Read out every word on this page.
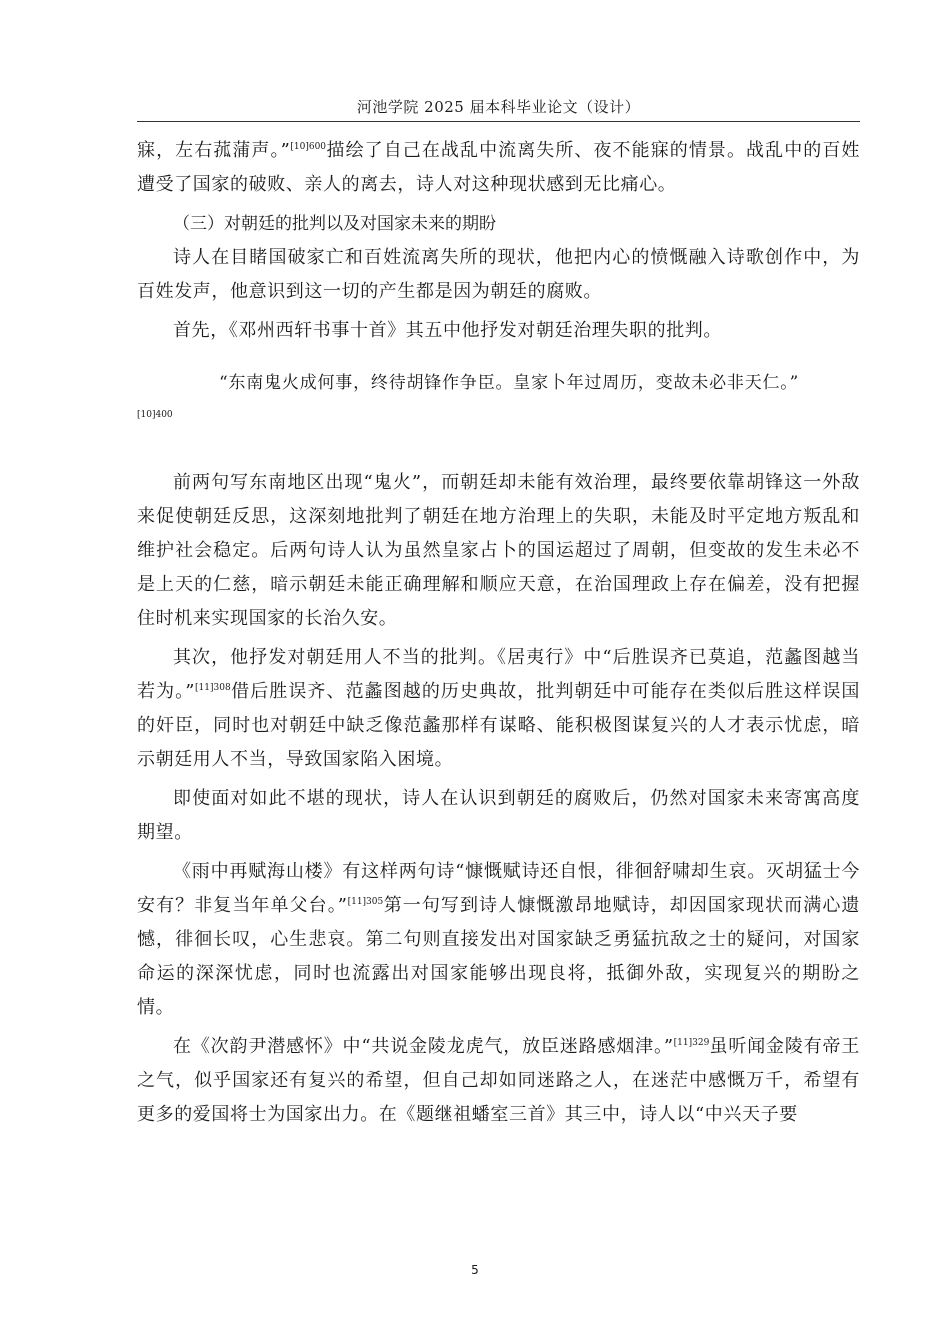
河池学院 2025 届本科毕业论文（设计）

寐，左右菰蒲声。”$^{[10]600}$描绘了自己在战乱中流离失所、夜不能寐的情景。战乱中的百姓遭受了国家的破败、亲人的离去，诗人对这种现状感到无比痛心。

（三）对朝廷的批判以及对国家未来的期盼

诗人在目睹国破家亡和百姓流离失所的现状，他把内心的愤慨融入诗歌创作中，为百姓发声，他意识到这一切的产生都是因为朝廷的腐败。

首先，《邓州西轩书事十首》其五中他抒发对朝廷治理失职的批判。

“东南鬼火成何事，终待胡锋作争臣。皇家卜年过周历，变故未必非天仁。”
[10]400

前两句写东南地区出现“鬼火”，而朝廷却未能有效治理，最终要依靠胡锋这一外敌来促使朝廷反思，这深刻地批判了朝廷在地方治理上的失职，未能及时平定地方叛乱和维护社会稳定。后两句诗人认为虽然皇家占卜的国运超过了周朝，但变故的发生未必不是上天的仁慈，暗示朝廷未能正确理解和顺应天意，在治国理政上存在偏差，没有把握住时机来实现国家的长治久安。

其次，他抒发对朝廷用人不当的批判。《居夷行》中“后胜误齐已莫追，范蠡图越当若为。”$^{[11]308}$借后胜误齐、范蠡图越的历史典故，批判朝廷中可能存在类似后胜这样误国的奸臣，同时也对朝廷中缺乏像范蠡那样有谋略、能积极图谋复兴的人才表示忧虑，暗示朝廷用人不当，导致国家陷入困境。

即使面对如此不堪的现状，诗人在认识到朝廷的腐败后，仍然对国家未来寄寓高度期望。

《雨中再赋海山楼》有这样两句诗“慷慨赋诗还自恨，徘徊舒啸却生哀。灭胡猛士今安有？非复当年单父台。”$^{[11]305}$第一句写到诗人慷慨激昂地赋诗，却因国家现状而满心遗憾，徘徊长叹，心生悲哀。第二句则直接发出对国家缺乏勇猛抗敌之士的疑问，对国家命运的深深忧虑，同时也流露出对国家能够出现良将，抵御外敌，实现复兴的期盼之情。

在《次韵尹潜感怀》中“共说金陵龙虎气，放臣迷路感烟津。”$^{[11]329}$虽听闻金陵有帝王之气，似乎国家还有复兴的希望，但自己却如同迷路之人，在迷茫中感慨万千，希望有更多的爱国将士为国家出力。在《题继祖蟠室三首》其三中，诗人以“中兴天子要

5
